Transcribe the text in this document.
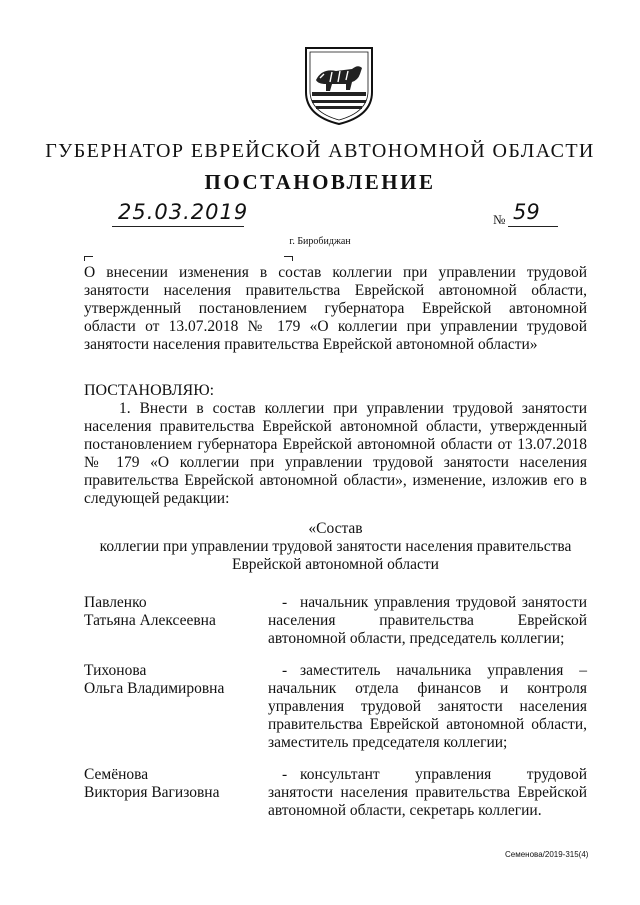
ГУБЕРНАТОР ЕВРЕЙСКОЙ АВТОНОМНОЙ ОБЛАСТИ
ПОСТАНОВЛЕНИЕ
25.03.2019	№ 59
г. Биробиджан
О внесении изменения в состав коллегии при управлении трудовой занятости населения правительства Еврейской автономной области, утвержденный постановлением губернатора Еврейской автономной области от 13.07.2018 № 179 «О коллегии при управлении трудовой занятости населения правительства Еврейской автономной области»
ПОСТАНОВЛЯЮ:

1. Внести в состав коллегии при управлении трудовой занятости населения правительства Еврейской автономной области, утвержденный постановлением губернатора Еврейской автономной области от 13.07.2018 № 179 «О коллегии при управлении трудовой занятости населения правительства Еврейской автономной области», изменение, изложив его в следующей редакции:

«Состав
коллегии при управлении трудовой занятости населения правительства
Еврейской автономной области
Павленко
Татьяна Алексеевна
- начальник управления трудовой занятости населения правительства Еврейской автономной области, председатель коллегии;
Тихонова
Ольга Владимировна
- заместитель начальника управления – начальник отдела финансов и контроля управления трудовой занятости населения правительства Еврейской автономной области, заместитель председателя коллегии;
Семёнова
Виктория Вагизовна
- консультант управления трудовой занятости населения правительства Еврейской автономной области, секретарь коллегии.
Семенова/2019-315(4)
